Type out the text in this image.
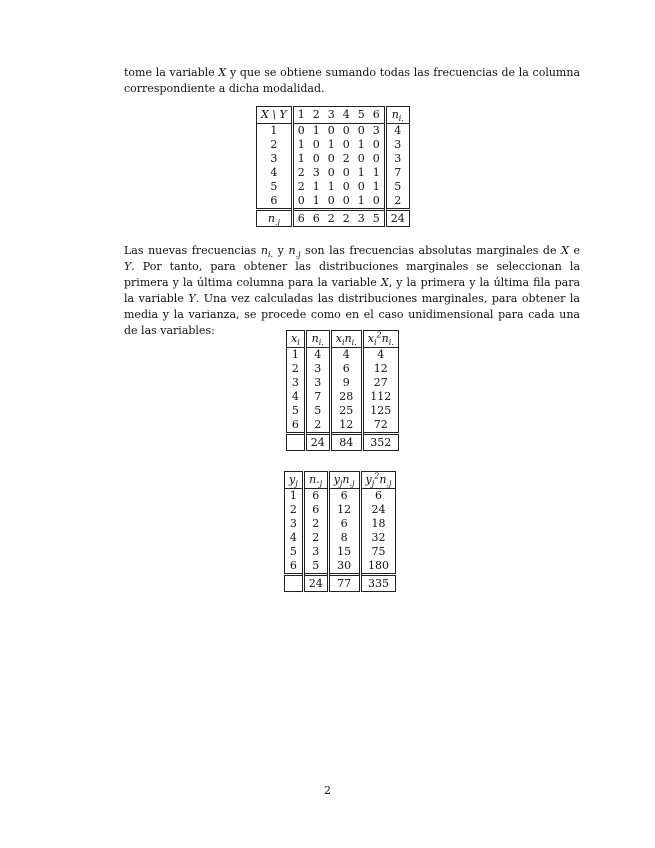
tome la variable X y que se obtiene sumando todas las frecuencias de la columna correspondiente a dicha modalidad.

X \ Y	1	2	3	4	5	6	$n_{i.}$
1	0	1	0	0	0	3	4
2	1	0	1	0	1	0	3
3	1	0	0	2	0	0	3
4	2	3	0	0	1	1	7
5	2	1	1	0	0	1	5
6	0	1	0	0	1	0	2
$n_{.j}$	6	6	2	2	3	5	24

Las nuevas frecuencias $n_{i.}$ y $n_{.j}$ son las frecuencias absolutas marginales de X e Y. Por tanto, para obtener las distribuciones marginales se seleccionan la primera y la última columna para la variable X, y la primera y la última fila para la variable Y. Una vez calculadas las distribuciones marginales, para obtener la media y la varianza, se procede como en el caso unidimensional para cada una de las variables:

$x_i$	$n_{i.}$	$x_in_{i.}$	$x_i^2n_{i.}$
1	4	4	4
2	3	6	12
3	3	9	27
4	7	28	112
5	5	25	125
6	2	12	72
	24	84	352
$y_j$	$n._j$	$y_jn_{.j}$	$y_j^2n_{.j}$
1	6	6	6
2	6	12	24
3	2	6	18
4	2	8	32
5	3	15	75
6	5	30	180
	24	77	335
2
